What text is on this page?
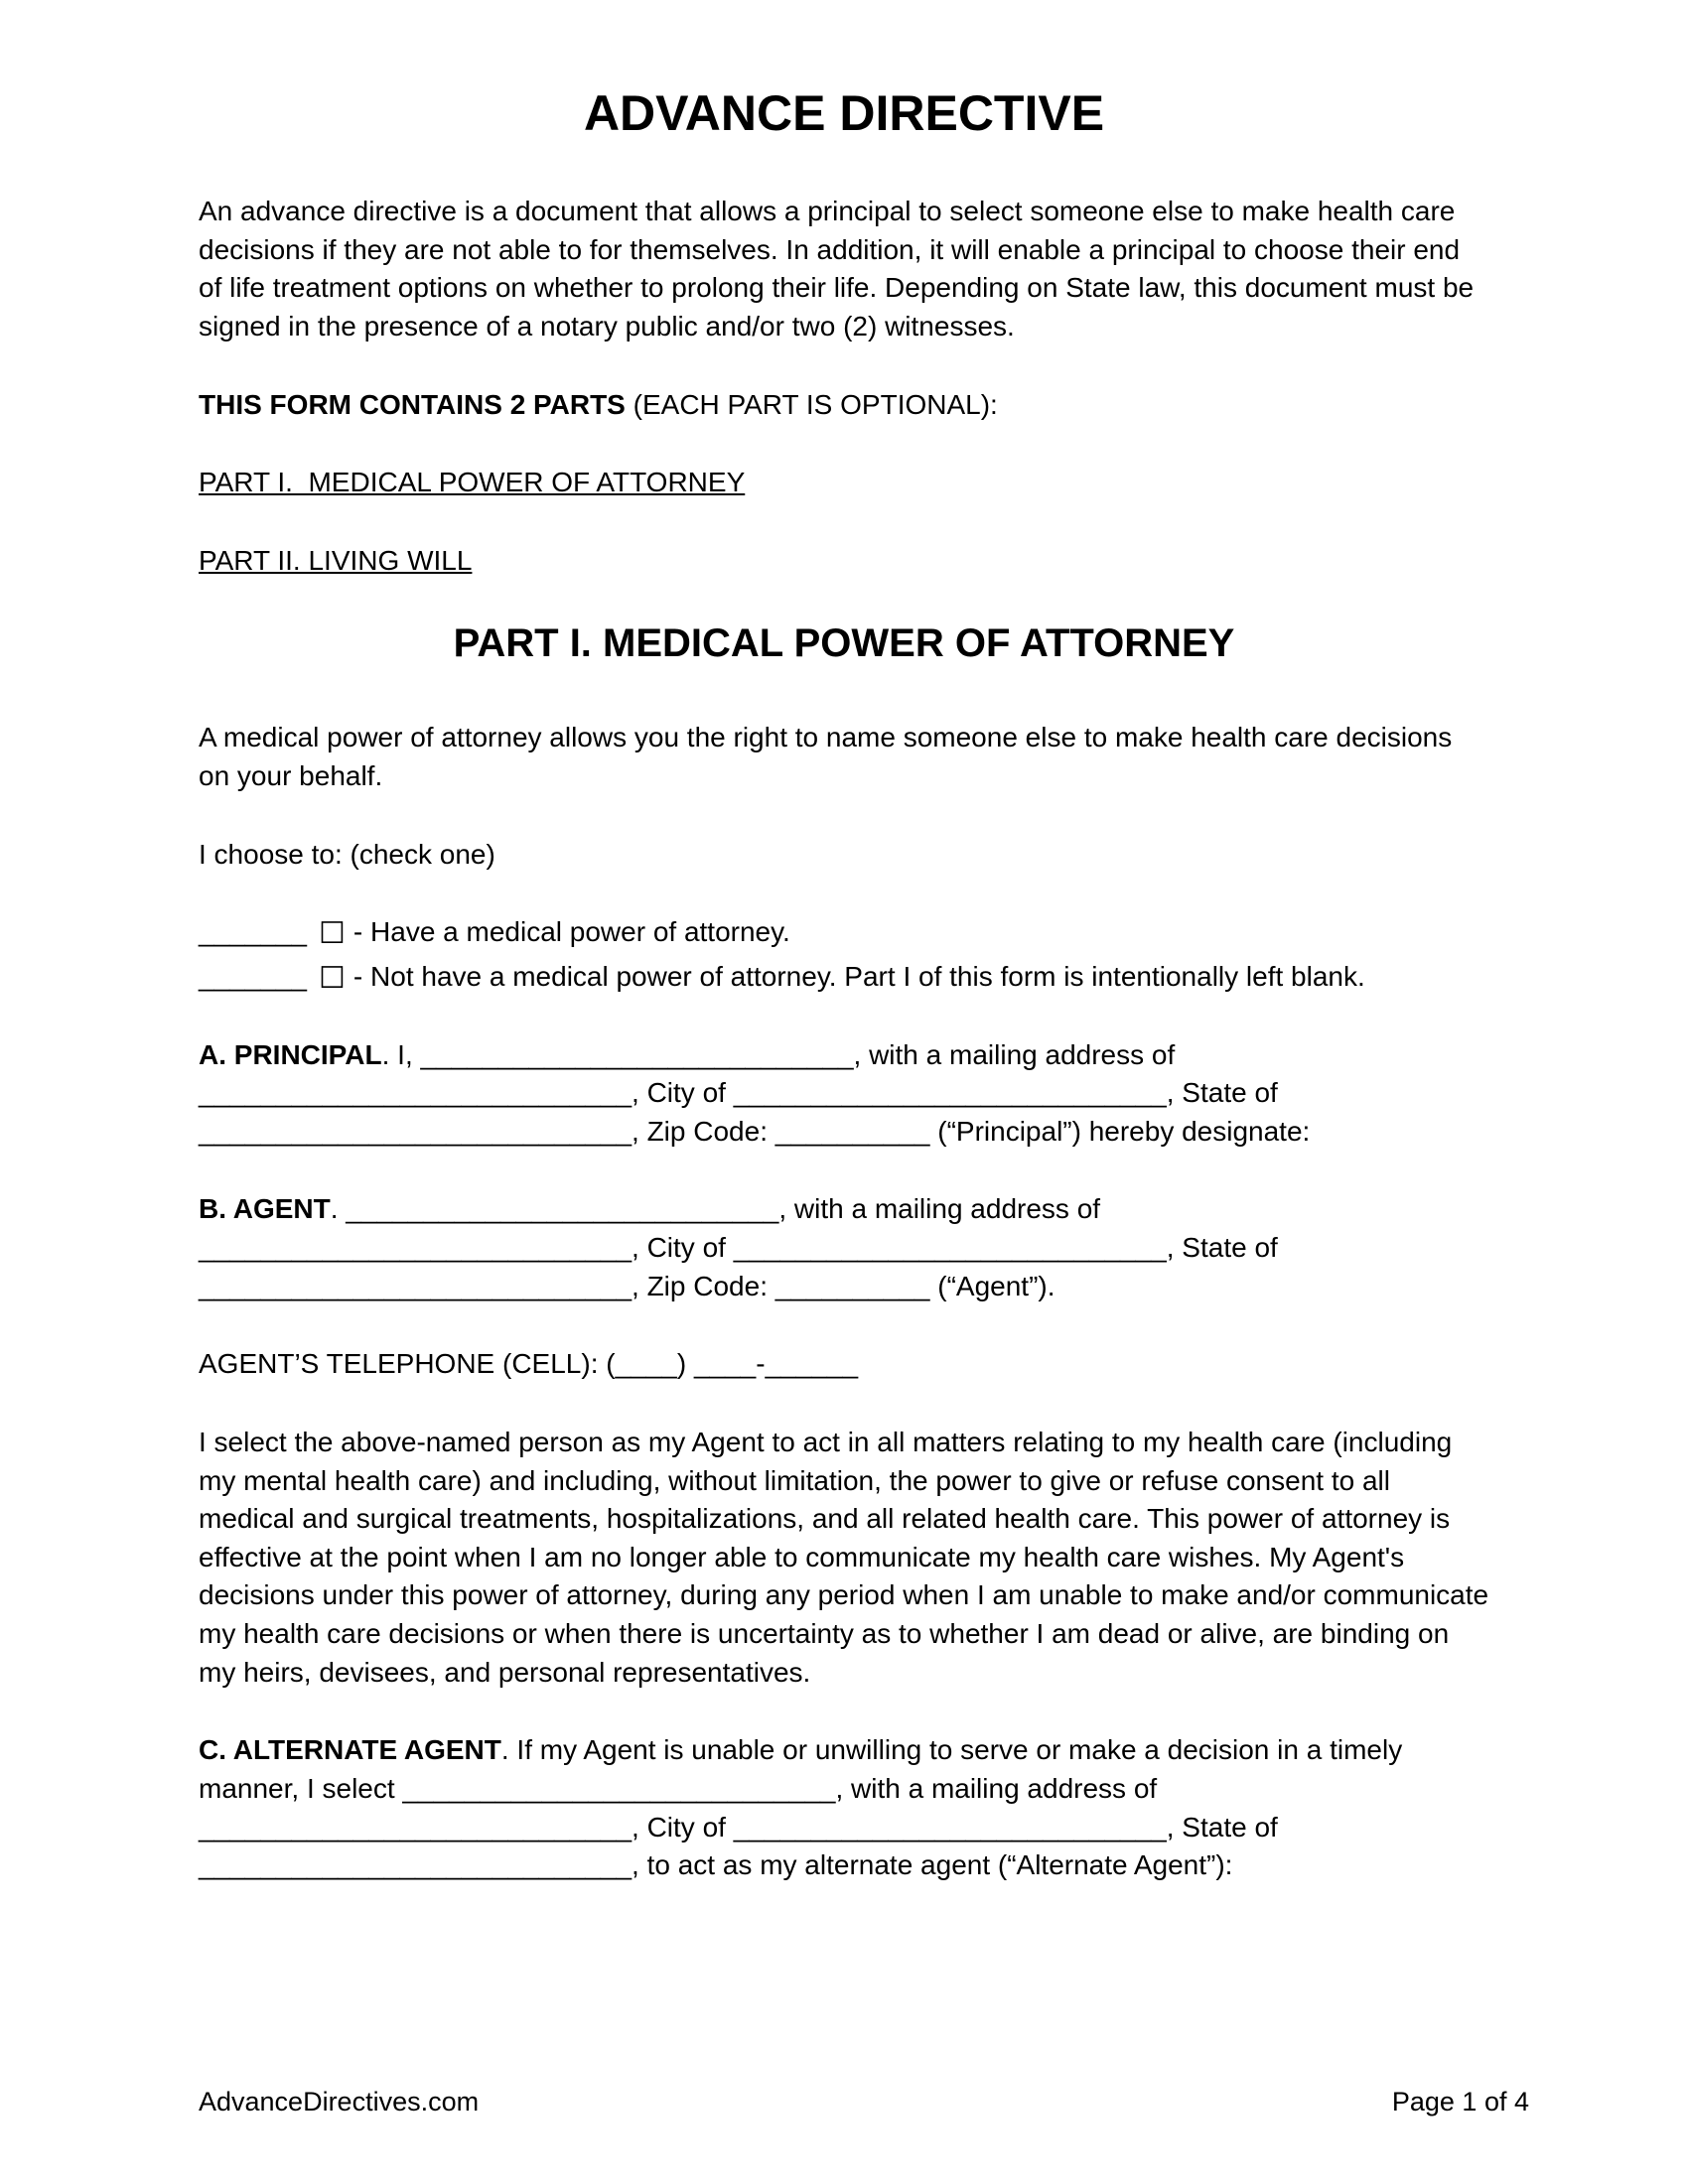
ADVANCE DIRECTIVE

An advance directive is a document that allows a principal to select someone else to make health care decisions if they are not able to for themselves. In addition, it will enable a principal to choose their end of life treatment options on whether to prolong their life. Depending on State law, this document must be signed in the presence of a notary public and/or two (2) witnesses.

THIS FORM CONTAINS 2 PARTS (EACH PART IS OPTIONAL):

PART I.  MEDICAL POWER OF ATTORNEY

PART II. LIVING WILL

PART I. MEDICAL POWER OF ATTORNEY

A medical power of attorney allows you the right to name someone else to make health care decisions on your behalf.

I choose to: (check one)

_______ ☐ - Have a medical power of attorney.
_______ ☐ - Not have a medical power of attorney. Part I of this form is intentionally left blank.

A. PRINCIPAL. I, ____________________________, with a mailing address of ____________________________, City of ____________________________, State of ____________________________, Zip Code: __________ (“Principal”) hereby designate:

B. AGENT. ____________________________, with a mailing address of ____________________________, City of ____________________________, State of ____________________________, Zip Code: __________ (“Agent”).

AGENT’S TELEPHONE (CELL): (____) ____-______

I select the above-named person as my Agent to act in all matters relating to my health care (including my mental health care) and including, without limitation, the power to give or refuse consent to all medical and surgical treatments, hospitalizations, and all related health care. This power of attorney is effective at the point when I am no longer able to communicate my health care wishes. My Agent's decisions under this power of attorney, during any period when I am unable to make and/or communicate my health care decisions or when there is uncertainty as to whether I am dead or alive, are binding on my heirs, devisees, and personal representatives.

C. ALTERNATE AGENT. If my Agent is unable or unwilling to serve or make a decision in a timely manner, I select ____________________________, with a mailing address of ____________________________, City of ____________________________, State of ____________________________, to act as my alternate agent (“Alternate Agent”):

AdvanceDirectives.com	Page 1 of 4
